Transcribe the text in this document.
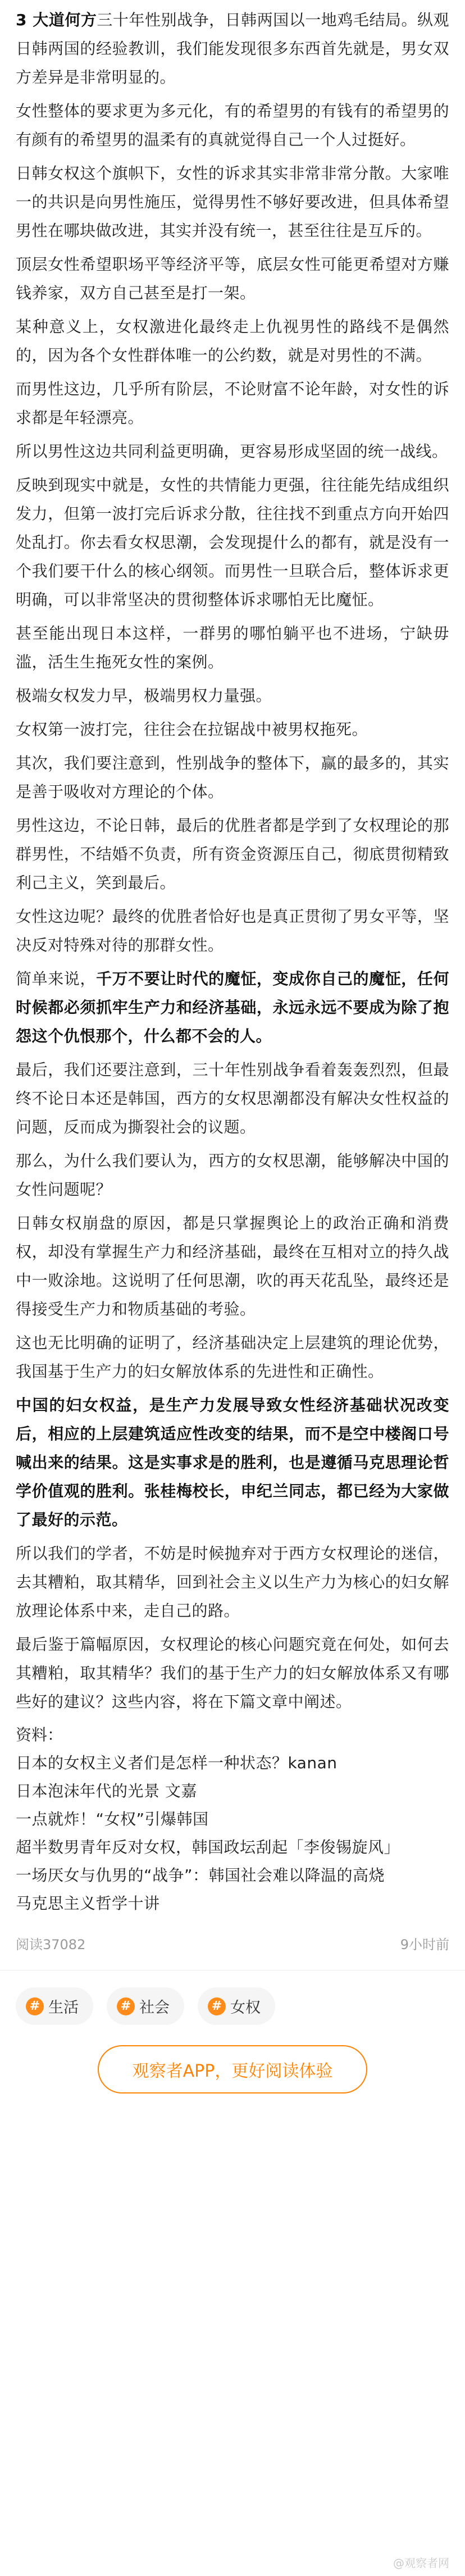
3 大道何方三十年性别战争，日韩两国以一地鸡毛结局。纵观日韩两国的经验教训，我们能发现很多东西首先就是，男女双方差异是非常明显的。

女性整体的要求更为多元化，有的希望男的有钱有的希望男的有颜有的希望男的温柔有的真就觉得自己一个人过挺好。

日韩女权这个旗帜下，女性的诉求其实非常非常分散。大家唯一的共识是向男性施压，觉得男性不够好要改进，但具体希望男性在哪块做改进，其实并没有统一，甚至往往是互斥的。

顶层女性希望职场平等经济平等，底层女性可能更希望对方赚钱养家，双方自己甚至是打一架。

某种意义上，女权激进化最终走上仇视男性的路线不是偶然的，因为各个女性群体唯一的公约数，就是对男性的不满。

而男性这边，几乎所有阶层，不论财富不论年龄，对女性的诉求都是年轻漂亮。

所以男性这边共同利益更明确，更容易形成坚固的统一战线。

反映到现实中就是，女性的共情能力更强，往往能先结成组织发力，但第一波打完后诉求分散，往往找不到重点方向开始四处乱打。你去看女权思潮，会发现提什么的都有，就是没有一个我们要干什么的核心纲领。而男性一旦联合后，整体诉求更明确，可以非常坚决的贯彻整体诉求哪怕无比魔怔。

甚至能出现日本这样，一群男的哪怕躺平也不进场，宁缺毋滥，活生生拖死女性的案例。

极端女权发力早，极端男权力量强。

女权第一波打完，往往会在拉锯战中被男权拖死。

其次，我们要注意到，性别战争的整体下，赢的最多的，其实是善于吸收对方理论的个体。

男性这边，不论日韩，最后的优胜者都是学到了女权理论的那群男性，不结婚不负责，所有资金资源压自己，彻底贯彻精致利己主义，笑到最后。

女性这边呢？最终的优胜者恰好也是真正贯彻了男女平等，坚决反对特殊对待的那群女性。

简单来说，千万不要让时代的魔怔，变成你自己的魔怔，任何时候都必须抓牢生产力和经济基础，永远永远不要成为除了抱怨这个仇恨那个，什么都不会的人。

最后，我们还要注意到，三十年性别战争看着轰轰烈烈，但最终不论日本还是韩国，西方的女权思潮都没有解决女性权益的问题，反而成为撕裂社会的议题。

那么，为什么我们要认为，西方的女权思潮，能够解决中国的女性问题呢？

日韩女权崩盘的原因，都是只掌握舆论上的政治正确和消费权，却没有掌握生产力和经济基础，最终在互相对立的持久战中一败涂地。这说明了任何思潮，吹的再天花乱坠，最终还是得接受生产力和物质基础的考验。

这也无比明确的证明了，经济基础决定上层建筑的理论优势，我国基于生产力的妇女解放体系的先进性和正确性。

中国的妇女权益，是生产力发展导致女性经济基础状况改变后，相应的上层建筑适应性改变的结果，而不是空中楼阁口号喊出来的结果。这是实事求是的胜利，也是遵循马克思理论哲学价值观的胜利。张桂梅校长，申纪兰同志，都已经为大家做了最好的示范。

所以我们的学者，不妨是时候抛弃对于西方女权理论的迷信，去其糟粕，取其精华，回到社会主义以生产力为核心的妇女解放理论体系中来，走自己的路。

最后鉴于篇幅原因，女权理论的核心问题究竟在何处，如何去其糟粕，取其精华？我们的基于生产力的妇女解放体系又有哪些好的建议？这些内容，将在下篇文章中阐述。

资料：

日本的女权主义者们是怎样一种状态？kanan

日本泡沫年代的光景 文嘉

一点就炸！“女权”引爆韩国

超半数男青年反对女权，韩国政坛刮起「李俊锡旋风」

一场厌女与仇男的“战争”：韩国社会难以降温的高烧

马克思主义哲学十讲

阅读37082	9小时前
# 生活	# 社会	# 女权
观察者APP，更好阅读体验
@观察者网
